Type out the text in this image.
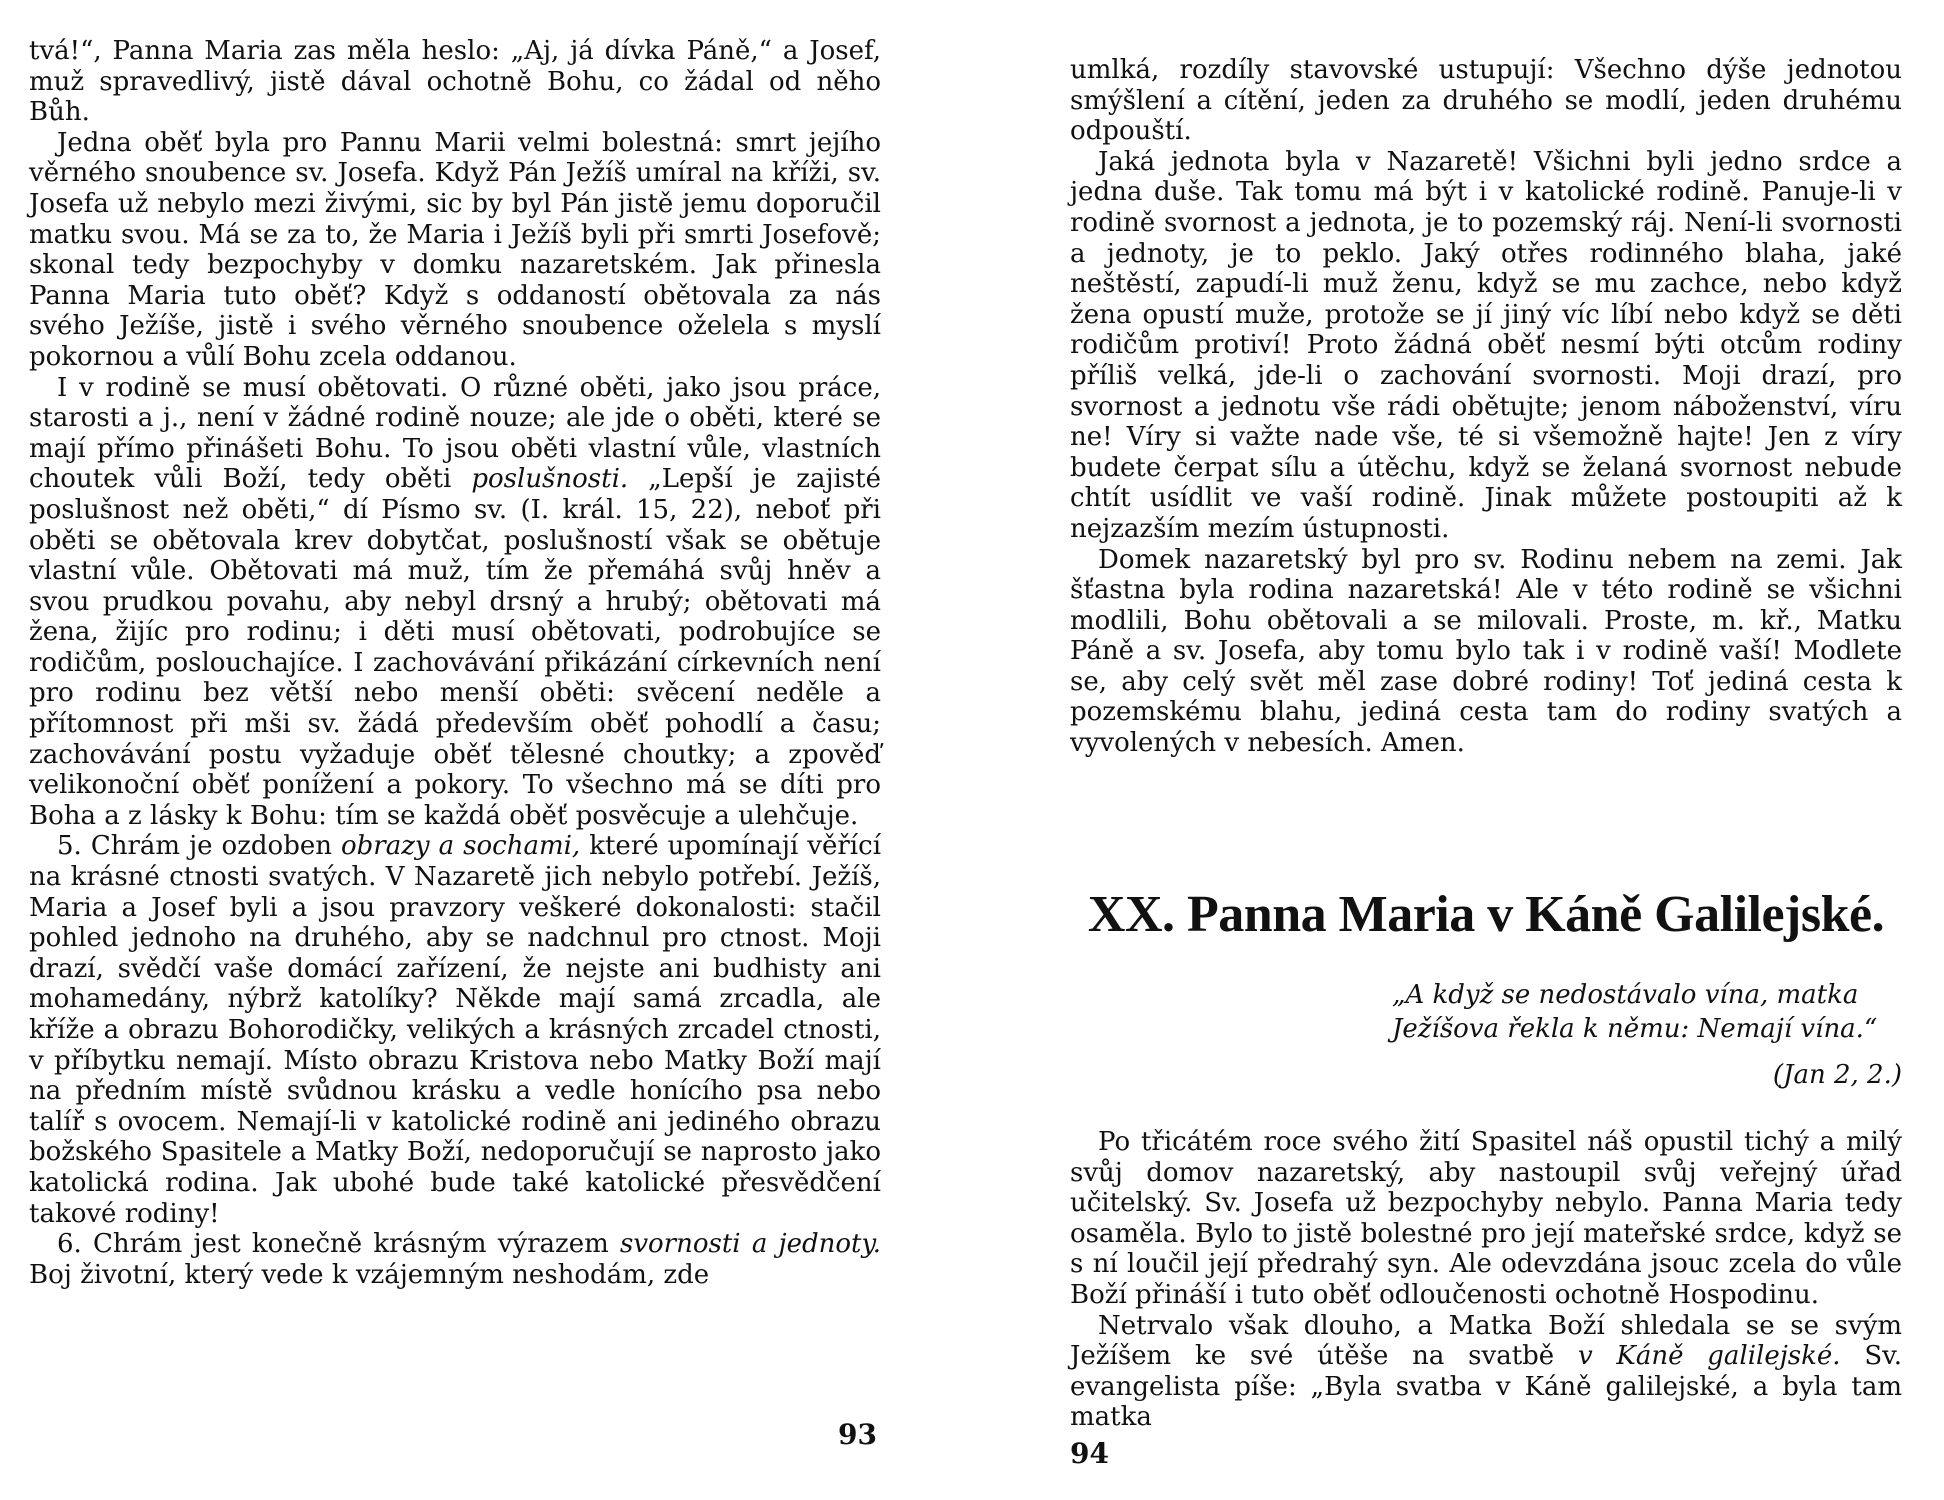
tvá!“, Panna Maria zas měla heslo: „Aj, já dívka Páně,“ a Josef, muž spravedlivý, jistě dával ochotně Bohu, co žádal od něho Bůh.

Jedna oběť byla pro Pannu Marii velmi bolestná: smrt jejího věrného snoubence sv. Josefa. Když Pán Ježíš umíral na kříži, sv. Josefa už nebylo mezi živými, sic by byl Pán jistě jemu doporučil matku svou. Má se za to, že Maria i Ježíš byli při smrti Josefově; skonal tedy bezpochyby v domku nazaretském. Jak přinesla Panna Maria tuto oběť? Když s oddaností obětovala za nás svého Ježíše, jistě i svého věrného snoubence oželela s myslí pokornou a vůlí Bohu zcela oddanou.

I v rodině se musí obětovati. O různé oběti, jako jsou práce, starosti a j., není v žádné rodině nouze; ale jde o oběti, které se mají přímo přinášeti Bohu. To jsou oběti vlastní vůle, vlastních choutek vůli Boží, tedy oběti poslušnosti. „Lepší je zajisté poslušnost než oběti,“ dí Písmo sv. (I. král. 15, 22), neboť při oběti se obětovala krev dobytčat, poslušností však se obětuje vlastní vůle. Obětovati má muž, tím že přemáhá svůj hněv a svou prudkou povahu, aby nebyl drsný a hrubý; obětovati má žena, žijíc pro rodinu; i děti musí obětovati, podrobujíce se rodičům, poslouchajíce. I zachovávání přikázání církevních není pro rodinu bez větší nebo menší oběti: svěcení neděle a přítomnost při mši sv. žádá především oběť pohodlí a času; zachovávání postu vyžaduje oběť tělesné choutky; a zpověď velikonoční oběť ponížení a pokory. To všechno má se díti pro Boha a z lásky k Bohu: tím se každá oběť posvěcuje a ulehčuje.

5. Chrám je ozdoben obrazy a sochami, které upomínají věřící na krásné ctnosti svatých. V Nazaretě jich nebylo potřebí. Ježíš, Maria a Josef byli a jsou pravzory veškeré dokonalosti: stačil pohled jednoho na druhého, aby se nadchnul pro ctnost. Moji drazí, svědčí vaše domácí zařízení, že nejste ani budhisty ani mohamedány, nýbrž katolíky? Někde mají samá zrcadla, ale kříže a obrazu Bohorodičky, velikých a krásných zrcadel ctnosti, v příbytku nemají. Místo obrazu Kristova nebo Matky Boží mají na předním místě svůdnou krásku a vedle honícího psa nebo talíř s ovocem. Nemají-li v katolické rodině ani jediného obrazu božského Spasitele a Matky Boží, nedoporučují se naprosto jako katolická rodina. Jak ubohé bude také katolické přesvědčení takové rodiny!

6. Chrám jest konečně krásným výrazem svornosti a jednoty. Boj životní, který vede k vzájemným neshodám, zde

93

umlká, rozdíly stavovské ustupují: Všechno dýše jednotou smýšlení a cítění, jeden za druhého se modlí, jeden druhému odpouští.

Jaká jednota byla v Nazaretě! Všichni byli jedno srdce a jedna duše. Tak tomu má být i v katolické rodině. Panuje-li v rodině svornost a jednota, je to pozemský ráj. Není-li svornosti a jednoty, je to peklo. Jaký otřes rodinného blaha, jaké neštěstí, zapudí-li muž ženu, když se mu zachce, nebo když žena opustí muže, protože se jí jiný víc líbí nebo když se děti rodičům protiví! Proto žádná oběť nesmí býti otcům rodiny příliš velká, jde-li o zachování svornosti. Moji drazí, pro svornost a jednotu vše rádi obětujte; jenom náboženství, víru ne! Víry si važte nade vše, té si všemožně hajte! Jen z víry budete čerpat sílu a útěchu, když se želaná svornost nebude chtít usídlit ve vaší rodině. Jinak můžete postoupiti až k nejzazším mezím ústupnosti.

Domek nazaretský byl pro sv. Rodinu nebem na zemi. Jak šťastna byla rodina nazaretská! Ale v této rodině se všichni modlili, Bohu obětovali a se milovali. Proste, m. kř., Matku Páně a sv. Josefa, aby tomu bylo tak i v rodině vaší! Modlete se, aby celý svět měl zase dobré rodiny! Toť jediná cesta k pozemskému blahu, jediná cesta tam do rodiny svatých a vyvolených v nebesích. Amen.

XX. Panna Maria v Káně Galilejské.
„A když se nedostávalo vína, matka Ježíšova řekla k němu: Nemají vína.“
(Jan 2, 2.)

Po třicátém roce svého žití Spasitel náš opustil tichý a milý svůj domov nazaretský, aby nastoupil svůj veřejný úřad učitelský. Sv. Josefa už bezpochyby nebylo. Panna Maria tedy osaměla. Bylo to jistě bolestné pro její mateřské srdce, když se s ní loučil její předrahý syn. Ale odevzdána jsouc zcela do vůle Boží přináší i tuto oběť odloučenosti ochotně Hospodinu.

Netrvalo však dlouho, a Matka Boží shledala se se svým Ježíšem ke své útěše na svatbě v Káně galilejské. Sv. evangelista píše: „Byla svatba v Káně galilejské, a byla tam matka

94
